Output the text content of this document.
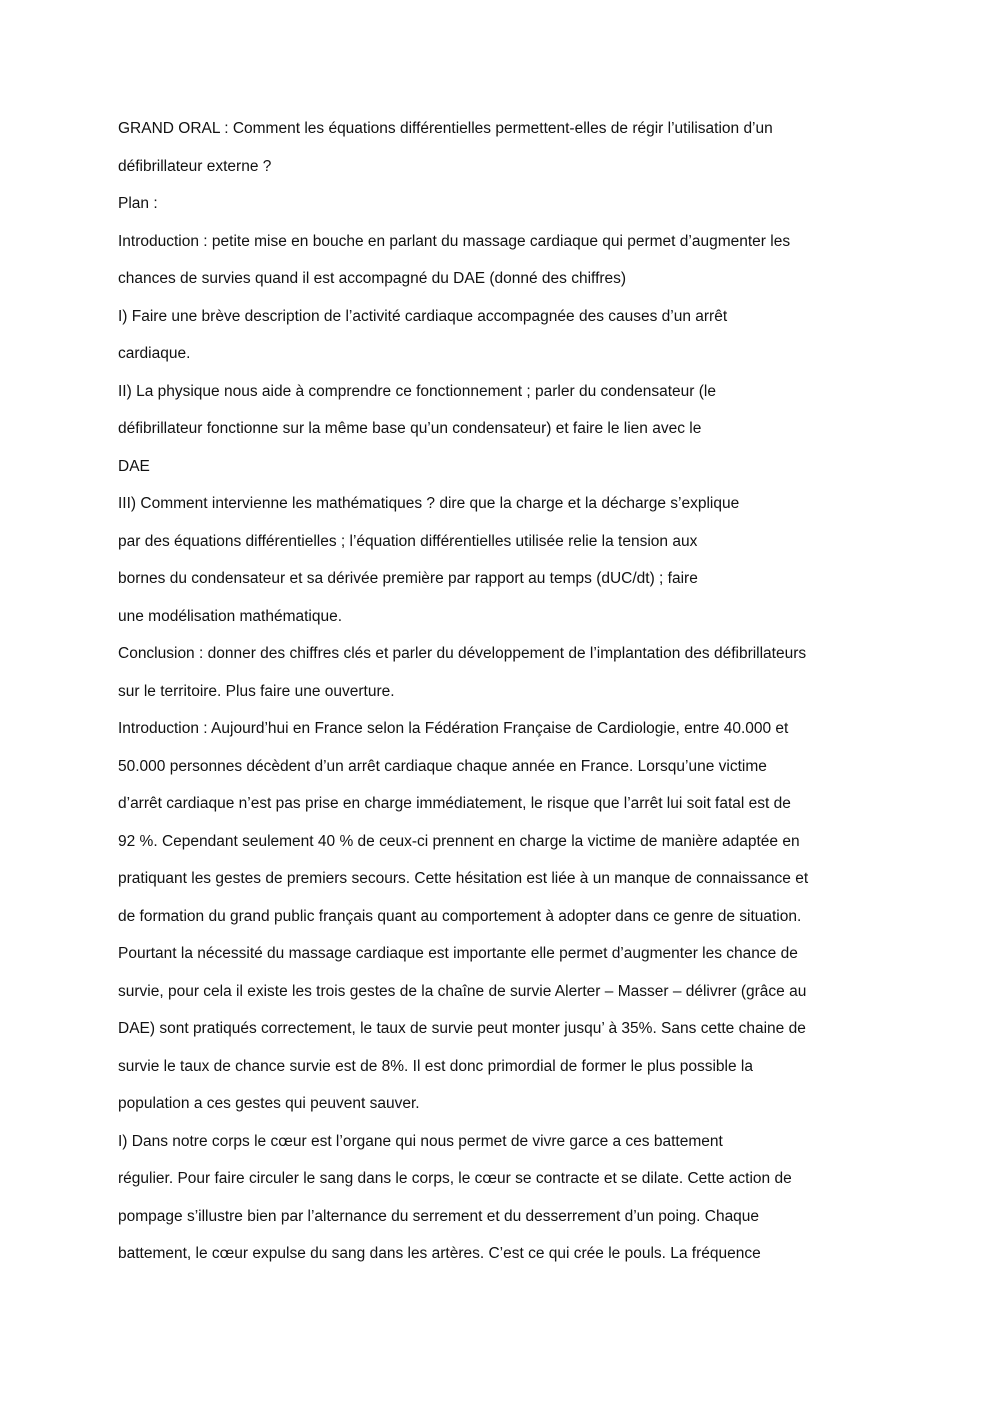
GRAND ORAL : Comment les équations différentielles permettent-elles de régir l’utilisation d’un
défibrillateur externe ?
Plan :
Introduction : petite mise en bouche en parlant du massage cardiaque qui permet d’augmenter les
chances de survies quand il est accompagné du DAE (donné des chiffres)
I) Faire une brève description de l’activité cardiaque accompagnée des causes d’un arrêt
cardiaque.
II) La physique nous aide à comprendre ce fonctionnement ; parler du condensateur (le
défibrillateur fonctionne sur la même base qu’un condensateur) et faire le lien avec le
DAE
III) Comment intervienne les mathématiques ? dire que la charge et la décharge s’explique
par des équations différentielles ; l’équation différentielles utilisée relie la tension aux
bornes du condensateur et sa dérivée première par rapport au temps (dUC/dt) ; faire
une modélisation mathématique.
Conclusion : donner des chiffres clés et parler du développement de l’implantation des défibrillateurs
sur le territoire. Plus faire une ouverture.
Introduction : Aujourd’hui en France selon la Fédération Française de Cardiologie, entre 40.000 et
50.000 personnes décèdent d’un arrêt cardiaque chaque année en France. Lorsqu’une victime
d’arrêt cardiaque n’est pas prise en charge immédiatement, le risque que l’arrêt lui soit fatal est de
92 %. Cependant seulement 40 % de ceux-ci prennent en charge la victime de manière adaptée en
pratiquant les gestes de premiers secours. Cette hésitation est liée à un manque de connaissance et
de formation du grand public français quant au comportement à adopter dans ce genre de situation.
Pourtant la nécessité du massage cardiaque est importante elle permet d’augmenter les chance de
survie, pour cela il existe les trois gestes de la chaîne de survie Alerter – Masser – délivrer (grâce au
DAE) sont pratiqués correctement, le taux de survie peut monter jusqu’ à 35%. Sans cette chaine de
survie le taux de chance survie est de 8%. Il est donc primordial de former le plus possible la
population a ces gestes qui peuvent sauver.
I) Dans notre corps le cœur est l’organe qui nous permet de vivre garce a ces battement
régulier. Pour faire circuler le sang dans le corps, le cœur se contracte et se dilate. Cette action de
pompage s’illustre bien par l’alternance du serrement et du desserrement d’un poing. Chaque
battement, le cœur expulse du sang dans les artères. C’est ce qui crée le pouls. La fréquence
